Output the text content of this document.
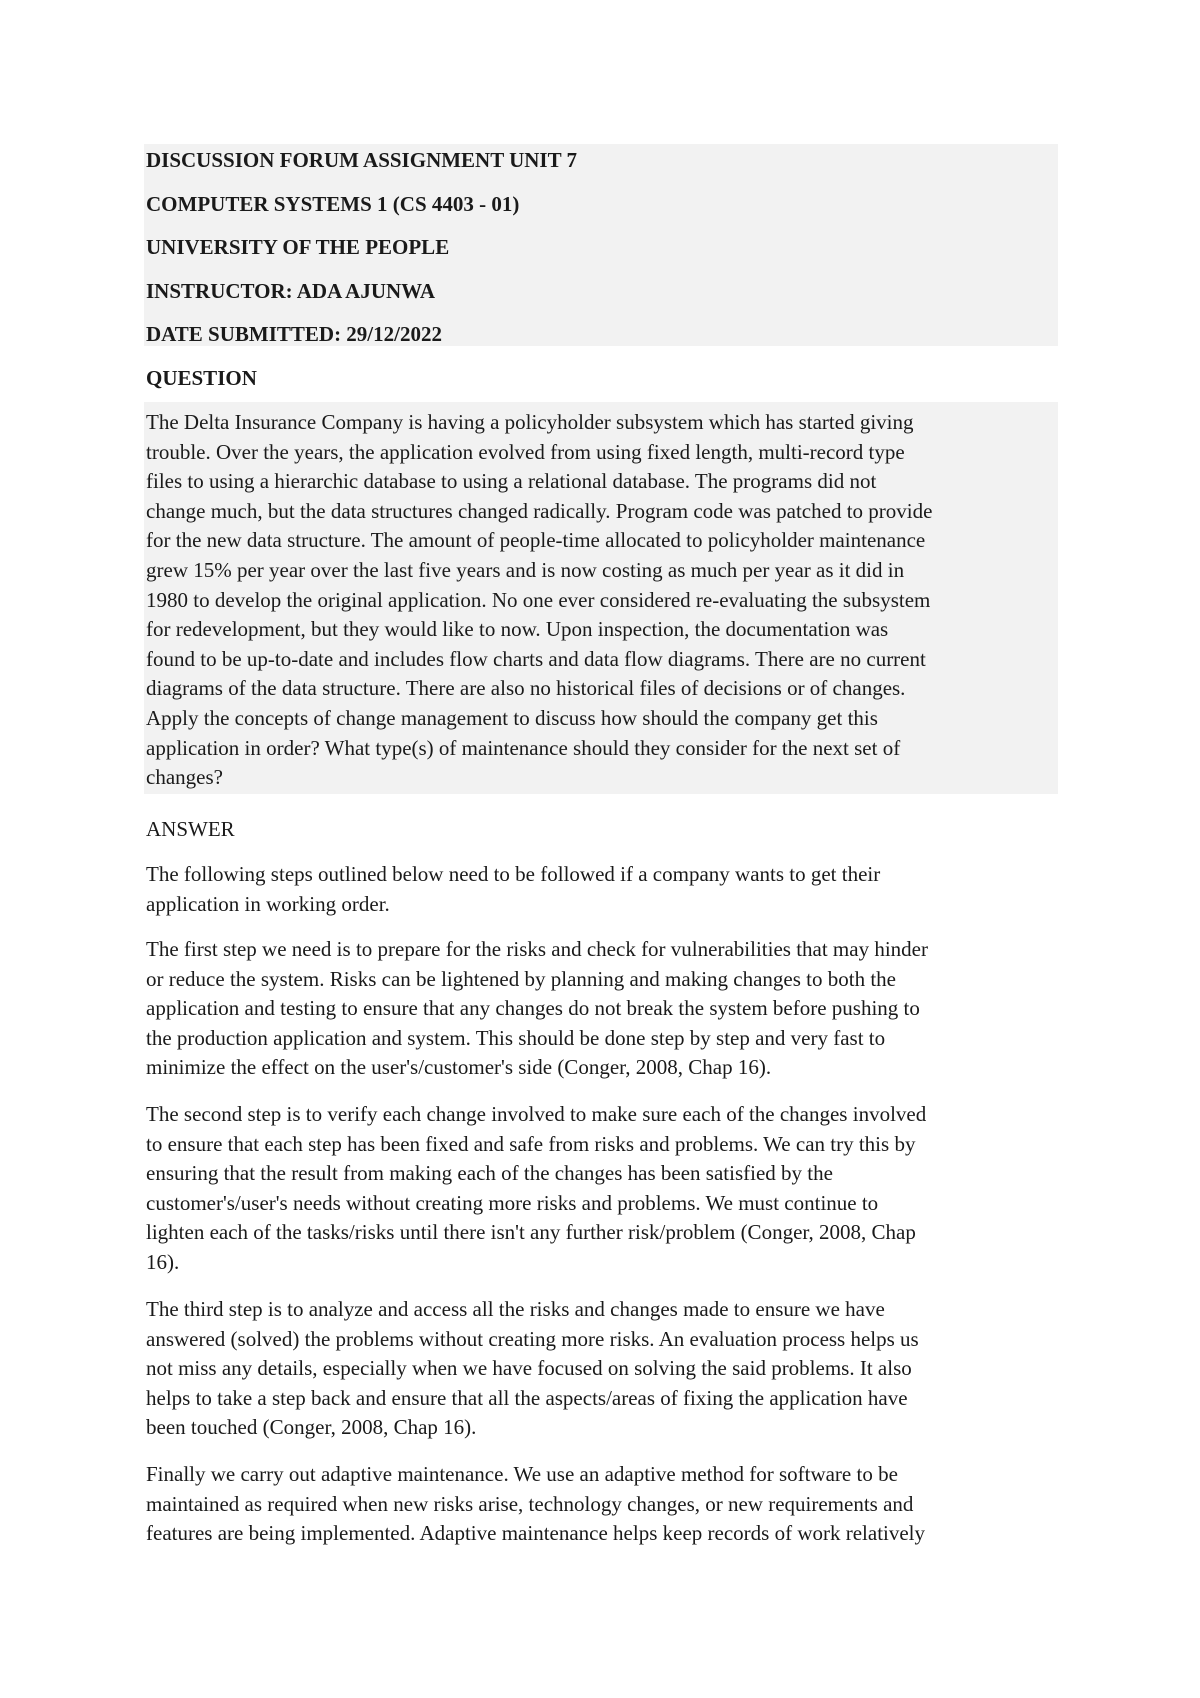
DISCUSSION FORUM ASSIGNMENT UNIT 7
COMPUTER SYSTEMS 1 (CS 4403 - 01)
UNIVERSITY OF THE PEOPLE
INSTRUCTOR: ADA AJUNWA
DATE SUBMITTED: 29/12/2022
QUESTION

The Delta Insurance Company is having a policyholder subsystem which has started giving
trouble. Over the years, the application evolved from using fixed length, multi-record type
files to using a hierarchic database to using a relational database. The programs did not
change much, but the data structures changed radically. Program code was patched to provide
for the new data structure. The amount of people-time allocated to policyholder maintenance
grew 15% per year over the last five years and is now costing as much per year as it did in
1980 to develop the original application. No one ever considered re-evaluating the subsystem
for redevelopment, but they would like to now. Upon inspection, the documentation was
found to be up-to-date and includes flow charts and data flow diagrams. There are no current
diagrams of the data structure. There are also no historical files of decisions or of changes.
Apply the concepts of change management to discuss how should the company get this
application in order? What type(s) of maintenance should they consider for the next set of
changes?

ANSWER

The following steps outlined below need to be followed if a company wants to get their
application in working order.

The first step we need is to prepare for the risks and check for vulnerabilities that may hinder
or reduce the system. Risks can be lightened by planning and making changes to both the
application and testing to ensure that any changes do not break the system before pushing to
the production application and system. This should be done step by step and very fast to
minimize the effect on the user's/customer's side (Conger, 2008, Chap 16).

The second step is to verify each change involved to make sure each of the changes involved
to ensure that each step has been fixed and safe from risks and problems. We can try this by
ensuring that the result from making each of the changes has been satisfied by the
customer's/user's needs without creating more risks and problems. We must continue to
lighten each of the tasks/risks until there isn't any further risk/problem (Conger, 2008, Chap
16).

The third step is to analyze and access all the risks and changes made to ensure we have
answered (solved) the problems without creating more risks. An evaluation process helps us
not miss any details, especially when we have focused on solving the said problems. It also
helps to take a step back and ensure that all the aspects/areas of fixing the application have
been touched (Conger, 2008, Chap 16).

Finally we carry out adaptive maintenance. We use an adaptive method for software to be
maintained as required when new risks arise, technology changes, or new requirements and
features are being implemented. Adaptive maintenance helps keep records of work relatively
